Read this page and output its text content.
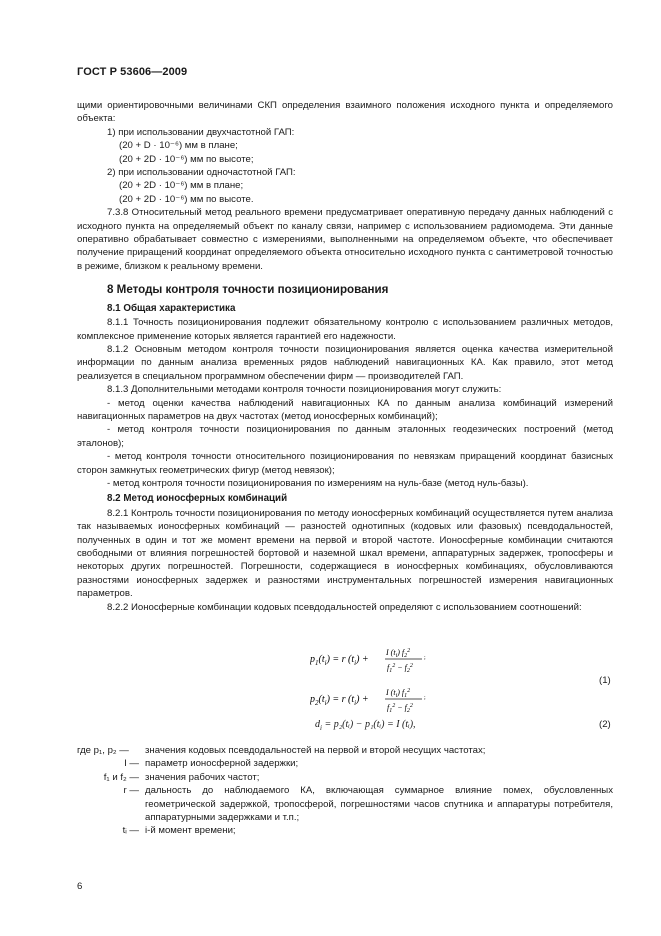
ГОСТ Р 53606—2009

щими ориентировочными величинами СКП определения взаимного положения исходного пункта и определяемого объекта:

1) при использовании двухчастотной ГАП:
(20 + D · 10⁻⁶) мм в плане;
(20 + 2D · 10⁻⁶) мм по высоте;
2) при использовании одночастотной ГАП:
(20 + 2D · 10⁻⁶) мм в плане;
(20 + 2D · 10⁻⁶) мм по высоте.

7.3.8 Относительный метод реального времени предусматривает оперативную передачу данных наблюдений с исходного пункта на определяемый объект по каналу связи, например с использованием радиомодема. Эти данные оперативно обрабатывает совместно с измерениями, выполненными на определяемом объекте, что обеспечивает получение приращений координат определяемого объекта относительно исходного пункта с сантиметровой точностью в режиме, близком к реальному времени.

8 Методы контроля точности позиционирования
8.1 Общая характеристика

8.1.1 Точность позиционирования подлежит обязательному контролю с использованием различных методов, комплексное применение которых является гарантией его надежности.

8.1.2 Основным методом контроля точности позиционирования является оценка качества измерительной информации по данным анализа временных рядов наблюдений навигационных КА. Как правило, этот метод реализуется в специальном программном обеспечении фирм — производителей ГАП.

8.1.3 Дополнительными методами контроля точности позиционирования могут служить:

- метод оценки качества наблюдений навигационных КА по данным анализа комбинаций измерений навигационных параметров на двух частотах (метод ионосферных комбинаций);

- метод контроля точности позиционирования по данным эталонных геодезических построений (метод эталонов);

- метод контроля точности относительного позиционирования по невязкам приращений координат базисных сторон замкнутых геометрических фигур (метод невязок);

- метод контроля точности позиционирования по измерениям на нуль-базе (метод нуль-базы).

8.2 Метод ионосферных комбинаций

8.2.1 Контроль точности позиционирования по методу ионосферных комбинаций осуществляется путем анализа так называемых ионосферных комбинаций — разностей однотипных (кодовых или фазовых) псевдодальностей, полученных в один и тот же момент времени на первой и второй частоте. Ионосферные комбинации считаются свободными от влияния погрешностей бортовой и наземной шкал времени, аппаратурных задержек, тропосферы и некоторых других погрешностей. Погрешности, содержащиеся в ионосферных комбинациях, обусловливаются разностями ионосферных задержек и разностями инструментальных погрешностей измерения навигационных параметров.

8.2.2 Ионосферные комбинации кодовых псевдодальностей определяют с использованием соотношений:

$p_1(t_i) = r$ $(t_i)$ +
I $(t_i)$ $f_2^2$
$f_1^2 - f_2^2$
;
$p_2(t_i) = r$ $(t_i)$ +
I $(t_i)$ $f_1^2$
$f_1^2 - f_2^2$
;
(1)
$d_i$ = p₂(tᵢ) − p₁(tᵢ) = I (tᵢ),	(2)
где p₁, p₂ —	значения кодовых псевдодальностей на первой и второй несущих частотах;
I — параметр ионосферной задержки;
f₁ и f₂ — значения рабочих частот;
r — дальность до наблюдаемого КА, включающая суммарное влияние помех, обусловленных геометрической задержкой, тропосферой, погрешностями часов спутника и аппаратуры потребителя, аппаратурными задержками и т.п.;
tᵢ — i-й момент времени;
6
